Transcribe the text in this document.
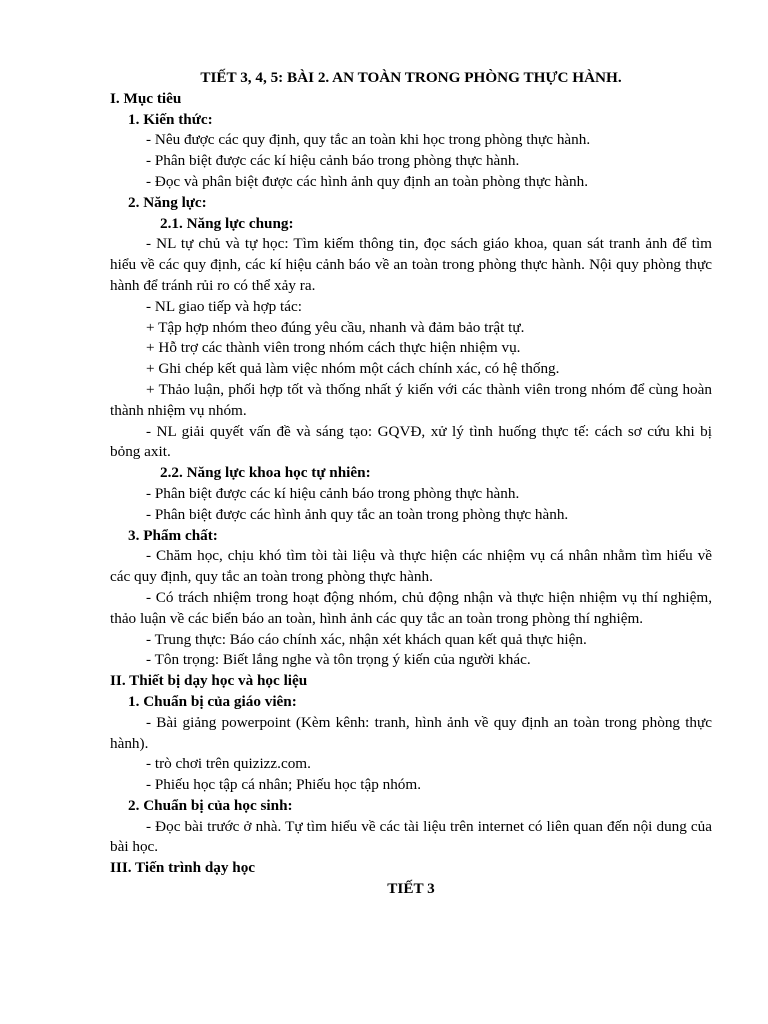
TIẾT 3, 4, 5: BÀI 2. AN TOÀN TRONG PHÒNG THỰC HÀNH.

I. Mục tiêu

1. Kiến thức:

- Nêu được các quy định, quy tắc an toàn khi học trong phòng thực hành.

- Phân biệt được các kí hiệu cảnh báo trong phòng thực hành.

- Đọc và phân biệt được các hình ảnh quy định an toàn phòng thực hành.

2. Năng lực:

2.1. Năng lực chung:

- NL tự chủ và tự học: Tìm kiếm thông tin, đọc sách giáo khoa, quan sát tranh ảnh để tìm hiểu về các quy định, các kí hiệu cảnh báo về an toàn trong phòng thực hành. Nội quy phòng thực hành để tránh rủi ro có thể xảy ra.

- NL giao tiếp và hợp tác:

+ Tập hợp nhóm theo đúng yêu cầu, nhanh và đảm bảo trật tự.

+ Hỗ trợ các thành viên trong nhóm cách thực hiện nhiệm vụ.

+ Ghi chép kết quả làm việc nhóm một cách chính xác, có hệ thống.

+ Thảo luận, phối hợp tốt và thống nhất ý kiến với các thành viên trong nhóm để cùng hoàn thành nhiệm vụ nhóm.

- NL giải quyết vấn đề và sáng tạo: GQVĐ, xử lý tình huống thực tế: cách sơ cứu khi bị bỏng axit.

2.2. Năng lực khoa học tự nhiên:

- Phân biệt được các kí hiệu cảnh báo trong phòng thực hành.

- Phân biệt được các hình ảnh quy tắc an toàn trong phòng thực hành.

3. Phẩm chất:

- Chăm học, chịu khó tìm tòi tài liệu và thực hiện các nhiệm vụ cá nhân nhằm tìm hiểu về các quy định, quy tắc an toàn trong phòng thực hành.

- Có trách nhiệm trong hoạt động nhóm, chủ động nhận và thực hiện nhiệm vụ thí nghiệm, thảo luận về các biển báo an toàn, hình ảnh các quy tắc an toàn trong phòng thí nghiệm.

- Trung thực: Báo cáo chính xác, nhận xét khách quan kết quả thực hiện.

- Tôn trọng: Biết lắng nghe và tôn trọng ý kiến của người khác.

II. Thiết bị dạy học và học liệu

1. Chuẩn bị của giáo viên:

- Bài giảng powerpoint (Kèm kênh: tranh, hình ảnh về quy định an toàn trong phòng thực hành).

- trò chơi trên quizizz.com.

- Phiếu học tập cá nhân; Phiếu học tập nhóm.

2. Chuẩn bị của học sinh:

- Đọc bài trước ở nhà. Tự tìm hiểu về các tài liệu trên internet có liên quan đến nội dung của bài học.

III. Tiến trình dạy học

TIẾT 3
